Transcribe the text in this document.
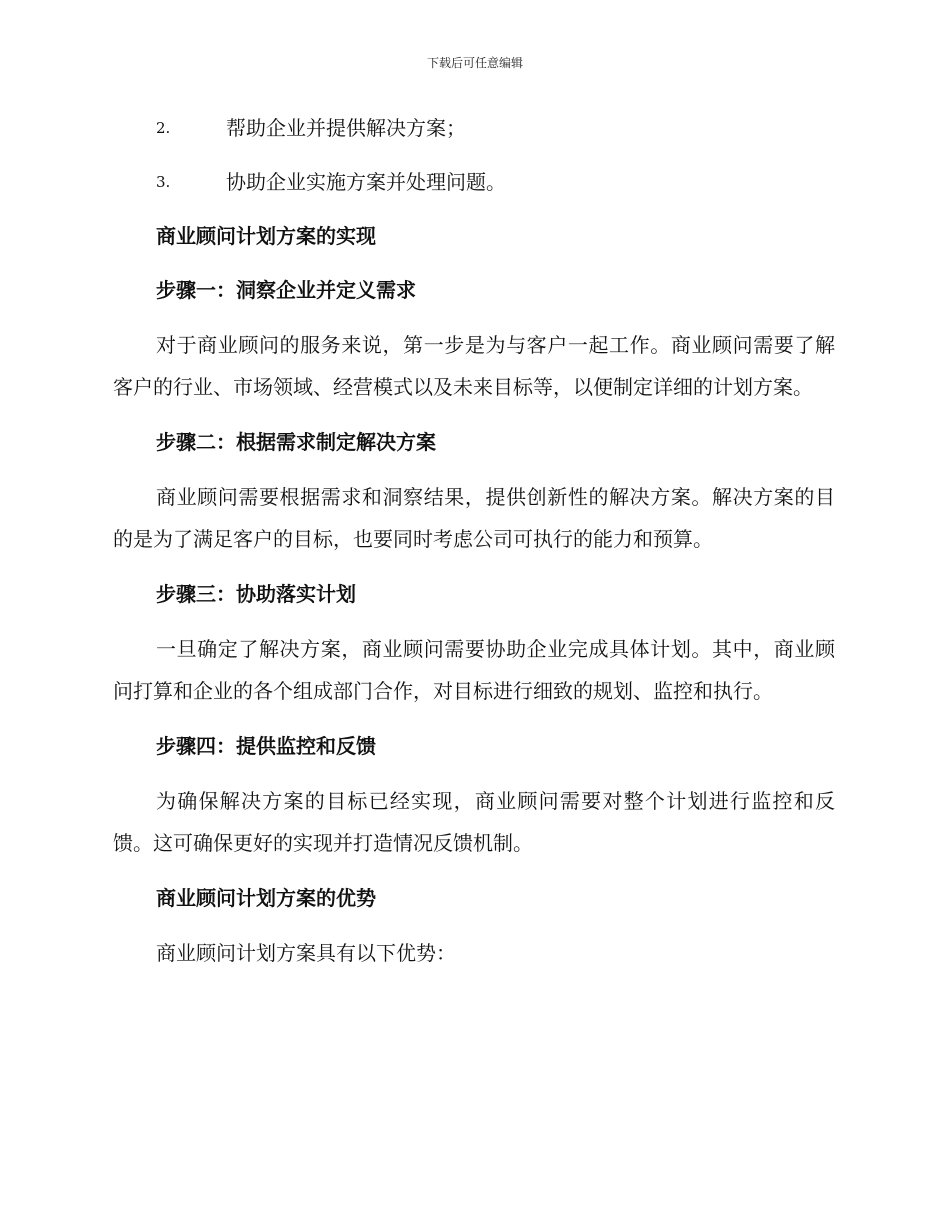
下载后可任意编辑
2.	帮助企业并提供解决方案；
3.	协助企业实施方案并处理问题。
商业顾问计划方案的实现
步骤一：洞察企业并定义需求

对于商业顾问的服务来说，第一步是为与客户一起工作。商业顾问需要了解客户的行业、市场领域、经营模式以及未来目标等，以便制定详细的计划方案。

步骤二：根据需求制定解决方案

商业顾问需要根据需求和洞察结果，提供创新性的解决方案。解决方案的目的是为了满足客户的目标，也要同时考虑公司可执行的能力和预算。

步骤三：协助落实计划

一旦确定了解决方案，商业顾问需要协助企业完成具体计划。其中，商业顾问打算和企业的各个组成部门合作，对目标进行细致的规划、监控和执行。

步骤四：提供监控和反馈

为确保解决方案的目标已经实现，商业顾问需要对整个计划进行监控和反馈。这可确保更好的实现并打造情况反馈机制。

商业顾问计划方案的优势

商业顾问计划方案具有以下优势：
